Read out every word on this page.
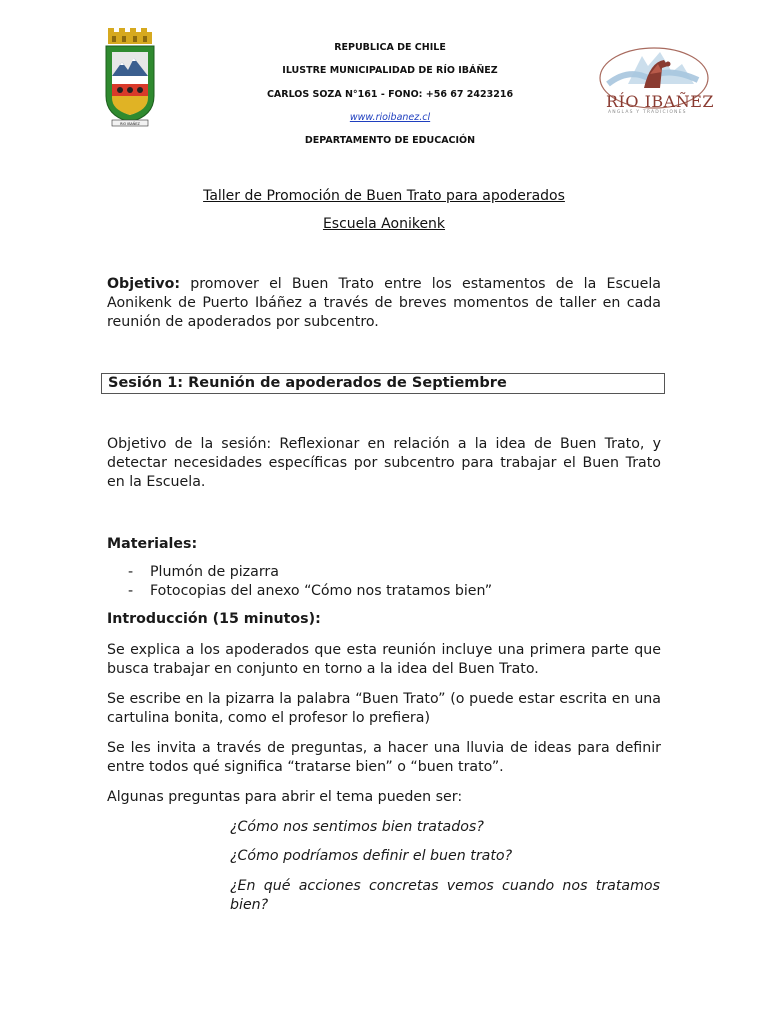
RIO IBAÑEZ
REPUBLICA DE CHILE
ILUSTRE MUNICIPALIDAD DE RÍO IBÁÑEZ
CARLOS SOZA N°161 - FONO: +56 67 2423216
www.rioibanez.cl
DEPARTAMENTO DE EDUCACIÓN
RÍO IBAÑEZ
ANGLAS Y TRADICIONES
Taller de Promoción de Buen Trato para apoderados
Escuela Aonikenk
Objetivo: promover el Buen Trato entre los estamentos de la Escuela Aonikenk de Puerto Ibáñez a través de breves momentos de taller en cada reunión de apoderados por subcentro.
Sesión 1: Reunión de apoderados de Septiembre
Objetivo de la sesión: Reflexionar en relación a la idea de Buen Trato, y detectar necesidades específicas por subcentro para trabajar el Buen Trato en la Escuela.
Materiales:
-	Plumón de pizarra
-	Fotocopias del anexo “Cómo nos tratamos bien”
Introducción (15 minutos):
Se explica a los apoderados que esta reunión incluye una primera parte que busca trabajar en conjunto en torno a la idea del Buen Trato.
Se escribe en la pizarra la palabra “Buen Trato” (o puede estar escrita en una cartulina bonita, como el profesor lo prefiera)
Se les invita a través de preguntas, a hacer una lluvia de ideas para definir entre todos qué significa “tratarse bien” o “buen trato”.
Algunas preguntas para abrir el tema pueden ser:
¿Cómo nos sentimos bien tratados?
¿Cómo podríamos definir el buen trato?
¿En qué acciones concretas vemos cuando nos tratamos bien?
